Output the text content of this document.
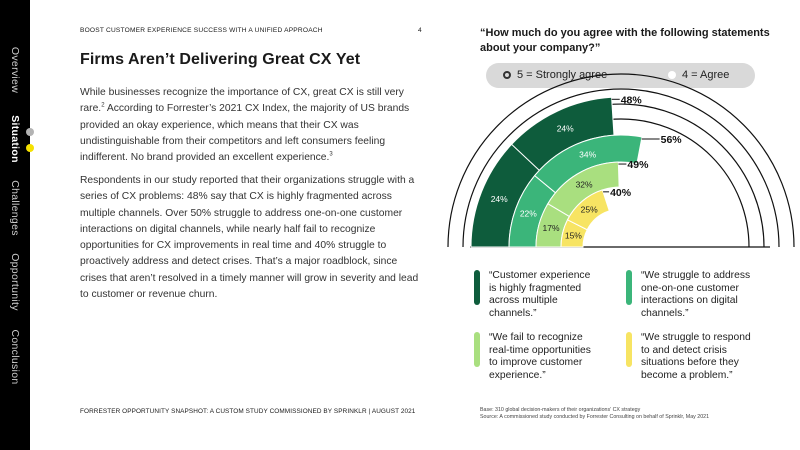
Overview
Situation
Challenges
Opportunity
Conclusion
BOOST CUSTOMER EXPERIENCE SUCCESS WITH A UNIFIED APPROACH	4
Firms Aren’t Delivering Great CX Yet
While businesses recognize the importance of CX, great CX is still very rare.$^2$ According to Forrester’s 2021 CX Index, the majority of US brands provided an okay experience, which means that their CX was undistinguishable from their competitors and left consumers feeling indifferent. No brand provided an excellent experience.$^3$
Respondents in our study reported that their organizations struggle with a series of CX problems: 48% say that CX is highly fragmented across multiple channels. Over 50% struggle to address one-on-one customer interactions on digital channels, while nearly half fail to recognize opportunities for CX improvements in real time and 40% struggle to proactively address and detect crises. That’s a major roadblock, since crises that aren’t resolved in a timely manner will grow in severity and lead to customer or revenue churn.
FORRESTER OPPORTUNITY SNAPSHOT: A CUSTOM STUDY COMMISSIONED BY SPRINKLR | AUGUST 2021
“How much do you agree with the following statements about your company?”
5 = Strongly agree	4 = Agree
24%
24%
48%
22%
34%
56%
17%
32%
49%
15%
25%
40%
“Customer experience is highly fragmented across multiple channels.”
“We struggle to address one-on-one customer interactions on digital channels.”
“We fail to recognize real-time opportunities to improve customer experience.”
“We struggle to respond to and detect crisis situations before they become a problem.”
Base: 310 global decision-makers of their organizations’ CX strategy
Source: A commissioned study conducted by Forrester Consulting on behalf of Sprinklr, May 2021
